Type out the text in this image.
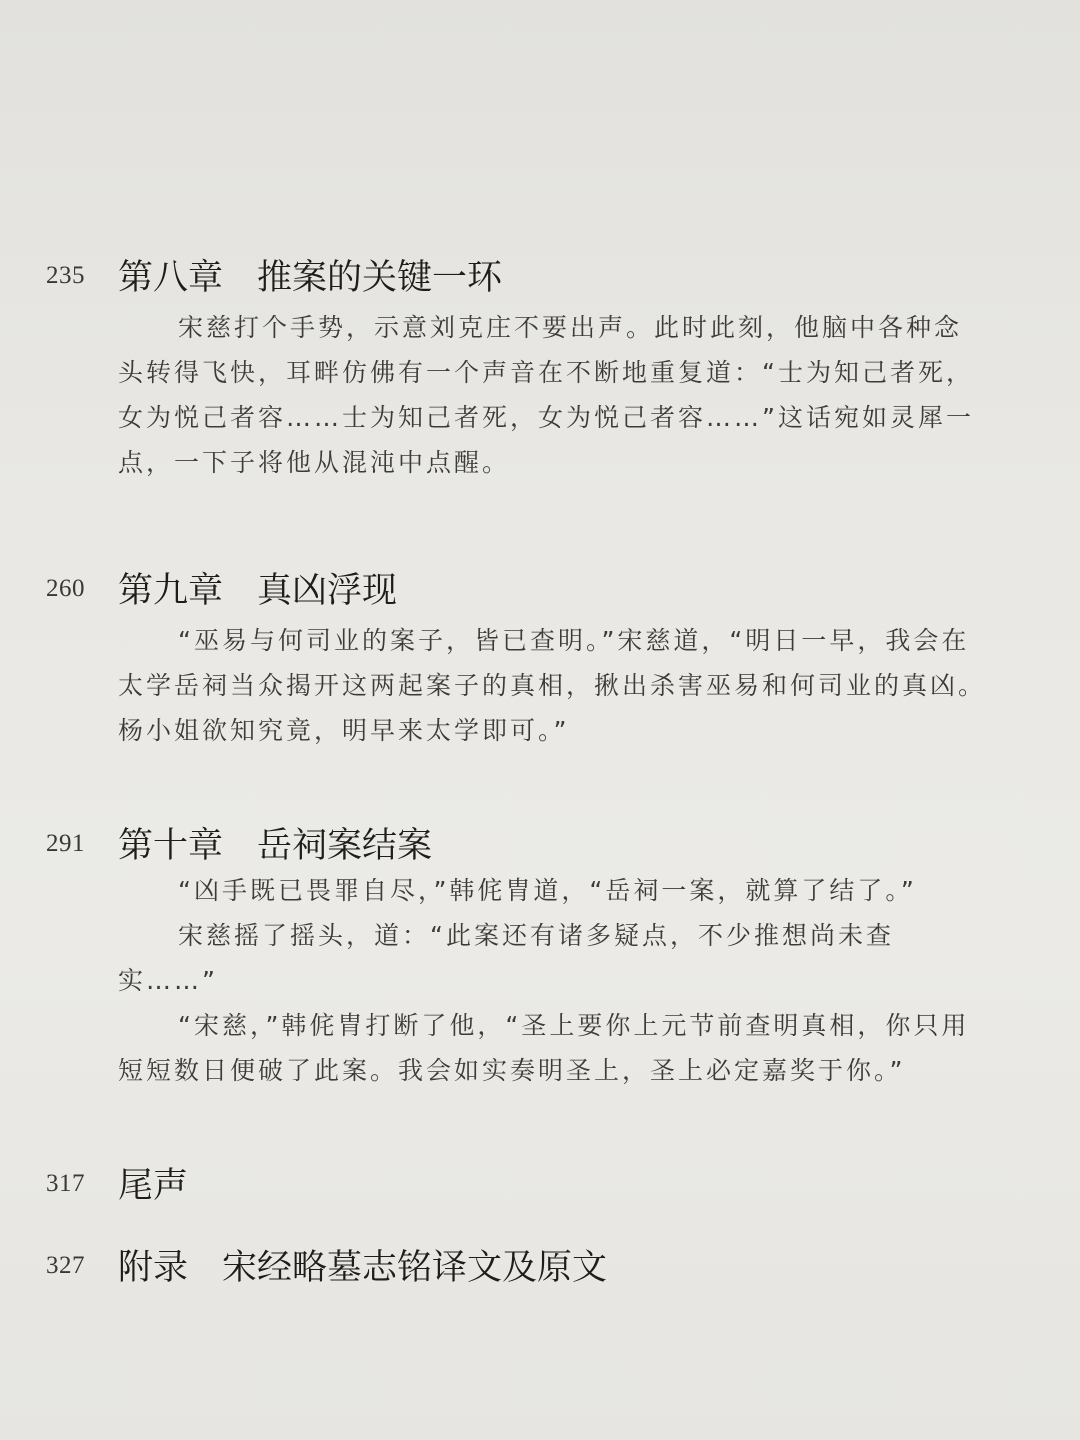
235 第八章 推案的关键一环

宋慈打个手势，示意刘克庄不要出声。此时此刻，他脑中各种念头转得飞快，耳畔仿佛有一个声音在不断地重复道：“士为知己者死，女为悦己者容……士为知己者死，女为悦己者容……”这话宛如灵犀一点，一下子将他从混沌中点醒。

260 第九章 真凶浮现

“巫易与何司业的案子，皆已查明。”宋慈道，“明日一早，我会在太学岳祠当众揭开这两起案子的真相，揪出杀害巫易和何司业的真凶。杨小姐欲知究竟，明早来太学即可。”

291 第十章 岳祠案结案

“凶手既已畏罪自尽，”韩侂胄道，“岳祠一案，就算了结了。”

宋慈摇了摇头，道：“此案还有诸多疑点，不少推想尚未查实……”

“宋慈，”韩侂胄打断了他，“圣上要你上元节前查明真相，你只用短短数日便破了此案。我会如实奏明圣上，圣上必定嘉奖于你。”

317 尾声
327 附录 宋经略墓志铭译文及原文
